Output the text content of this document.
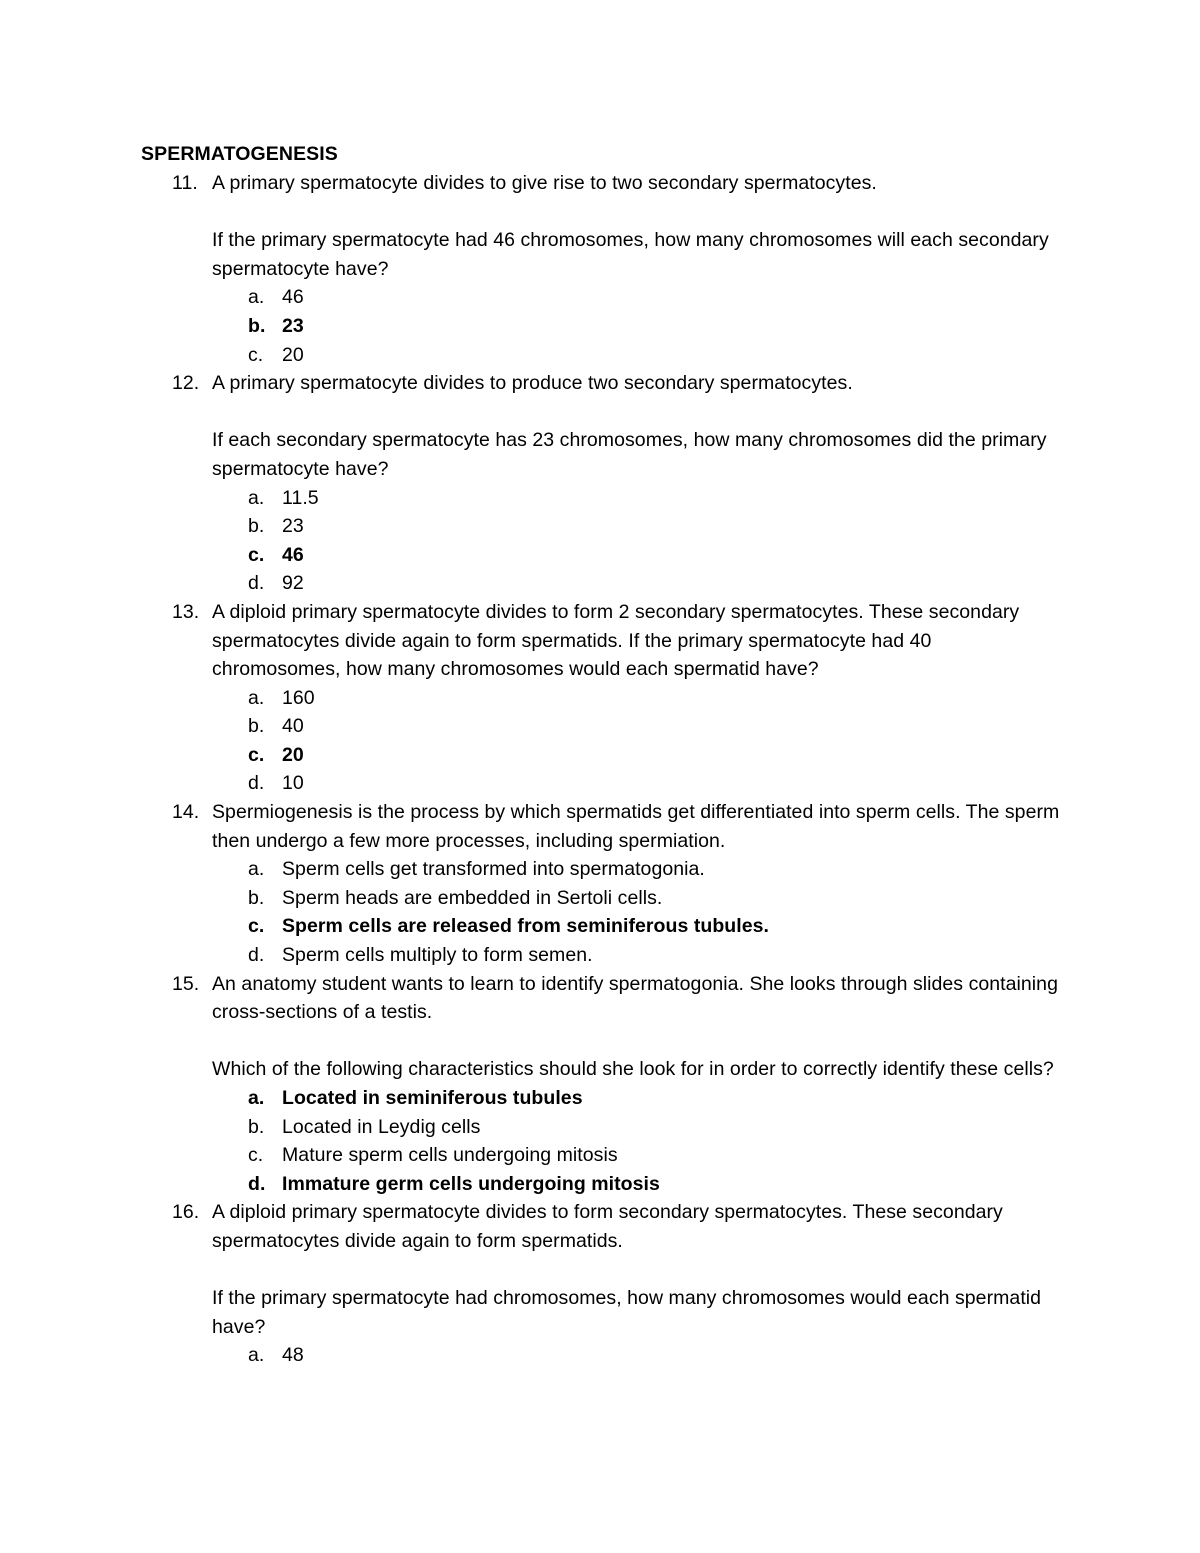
SPERMATOGENESIS
11. A primary spermatocyte divides to give rise to two secondary spermatocytes.
If the primary spermatocyte had 46 chromosomes, how many chromosomes will each secondary spermatocyte have?
a. 46
b. 23
c. 20
12. A primary spermatocyte divides to produce two secondary spermatocytes.
If each secondary spermatocyte has 23 chromosomes, how many chromosomes did the primary spermatocyte have?
a. 11.5
b. 23
c. 46
d. 92
13. A diploid primary spermatocyte divides to form 2 secondary spermatocytes. These secondary spermatocytes divide again to form spermatids. If the primary spermatocyte had 40 chromosomes, how many chromosomes would each spermatid have?
a. 160
b. 40
c. 20
d. 10
14. Spermiogenesis is the process by which spermatids get differentiated into sperm cells. The sperm then undergo a few more processes, including spermiation.
a. Sperm cells get transformed into spermatogonia.
b. Sperm heads are embedded in Sertoli cells.
c. Sperm cells are released from seminiferous tubules.
d. Sperm cells multiply to form semen.
15. An anatomy student wants to learn to identify spermatogonia. She looks through slides containing cross-sections of a testis.
Which of the following characteristics should she look for in order to correctly identify these cells?
a. Located in seminiferous tubules
b. Located in Leydig cells
c. Mature sperm cells undergoing mitosis
d. Immature germ cells undergoing mitosis
16. A diploid primary spermatocyte divides to form secondary spermatocytes. These secondary spermatocytes divide again to form spermatids.
If the primary spermatocyte had chromosomes, how many chromosomes would each spermatid have?
a. 48
